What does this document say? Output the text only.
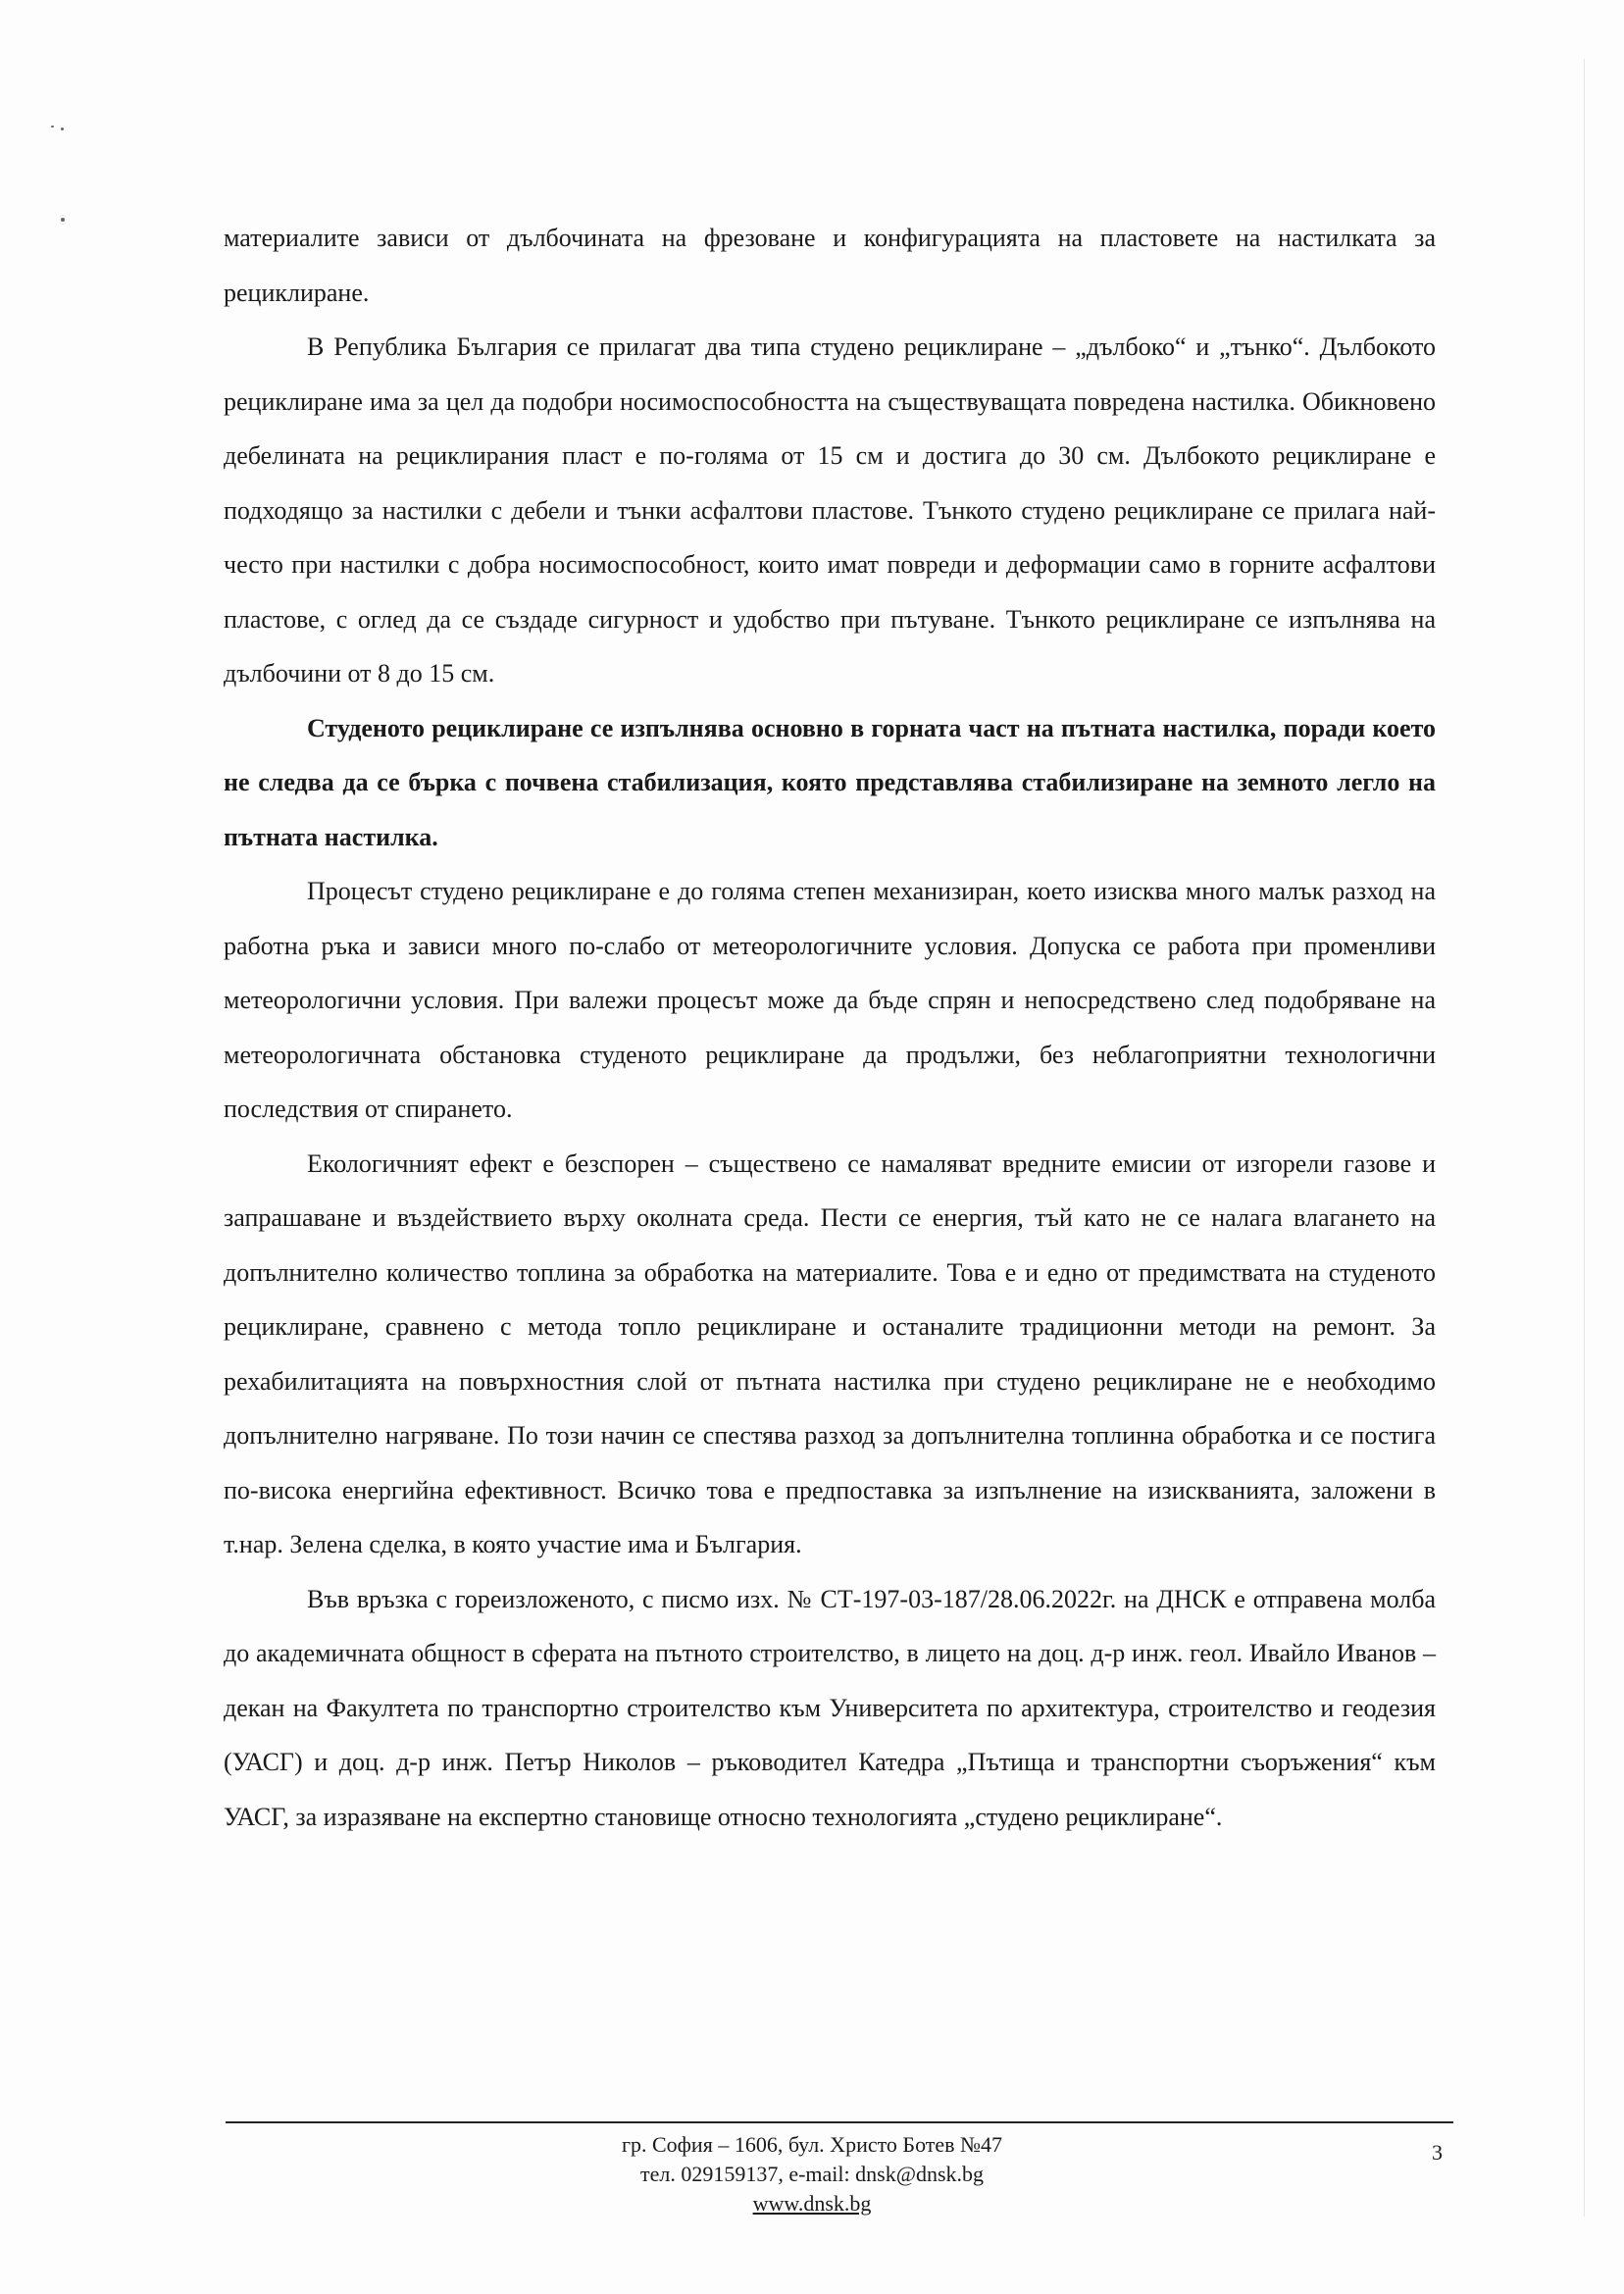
материалите зависи от дълбочината на фрезоване и конфигурацията на пластовете на настилката за рециклиране.

В Република България се прилагат два типа студено рециклиране – „дълбоко“ и „тънко“. Дълбокото рециклиране има за цел да подобри носимоспособността на съществуващата повредена настилка. Обикновено дебелината на рециклирания пласт е по-голяма от 15 см и достига до 30 см. Дълбокото рециклиране е подходящо за настилки с дебели и тънки асфалтови пластове. Тънкото студено рециклиране се прилага най-често при настилки с добра носимоспособност, които имат повреди и деформации само в горните асфалтови пластове, с оглед да се създаде сигурност и удобство при пътуване. Тънкото рециклиране се изпълнява на дълбочини от 8 до 15 см.

Студеното рециклиране се изпълнява основно в горната част на пътната настилка, поради което не следва да се бърка с почвена стабилизация, която представлява стабилизиране на земното легло на пътната настилка.

Процесът студено рециклиране е до голяма степен механизиран, което изисква много малък разход на работна ръка и зависи много по-слабо от метеорологичните условия. Допуска се работа при променливи метеорологични условия. При валежи процесът може да бъде спрян и непосредствено след подобряване на метеорологичната обстановка студеното рециклиране да продължи, без неблагоприятни технологични последствия от спирането.

Екологичният ефект е безспорен – съществено се намаляват вредните емисии от изгорели газове и запрашаване и въздействието върху околната среда. Пести се енергия, тъй като не се налага влагането на допълнително количество топлина за обработка на материалите. Това е и едно от предимствата на студеното рециклиране, сравнено с метода топло рециклиране и останалите традиционни методи на ремонт. За рехабилитацията на повърхностния слой от пътната настилка при студено рециклиране не е необходимо допълнително нагряване. По този начин се спестява разход за допълнителна топлинна обработка и се постига по-висока енергийна ефективност. Всичко това е предпоставка за изпълнение на изискванията, заложени в т.нар. Зелена сделка, в която участие има и България.

Във връзка с гореизложеното, с писмо изх. № СТ-197-03-187/28.06.2022г. на ДНСК е отправена молба до академичната общност в сферата на пътното строителство, в лицето на доц. д-р инж. геол. Ивайло Иванов – декан на Факултета по транспортно строителство към Университета по архитектура, строителство и геодезия (УАСГ) и доц. д-р инж. Петър Николов – ръководител Катедра „Пътища и транспортни съоръжения“ към УАСГ, за изразяване на експертно становище относно технологията „студено рециклиране“.

гр. София – 1606, бул. Христо Ботев №47
тел. 029159137, e-mail: dnsk@dnsk.bg
www.dnsk.bg
3
